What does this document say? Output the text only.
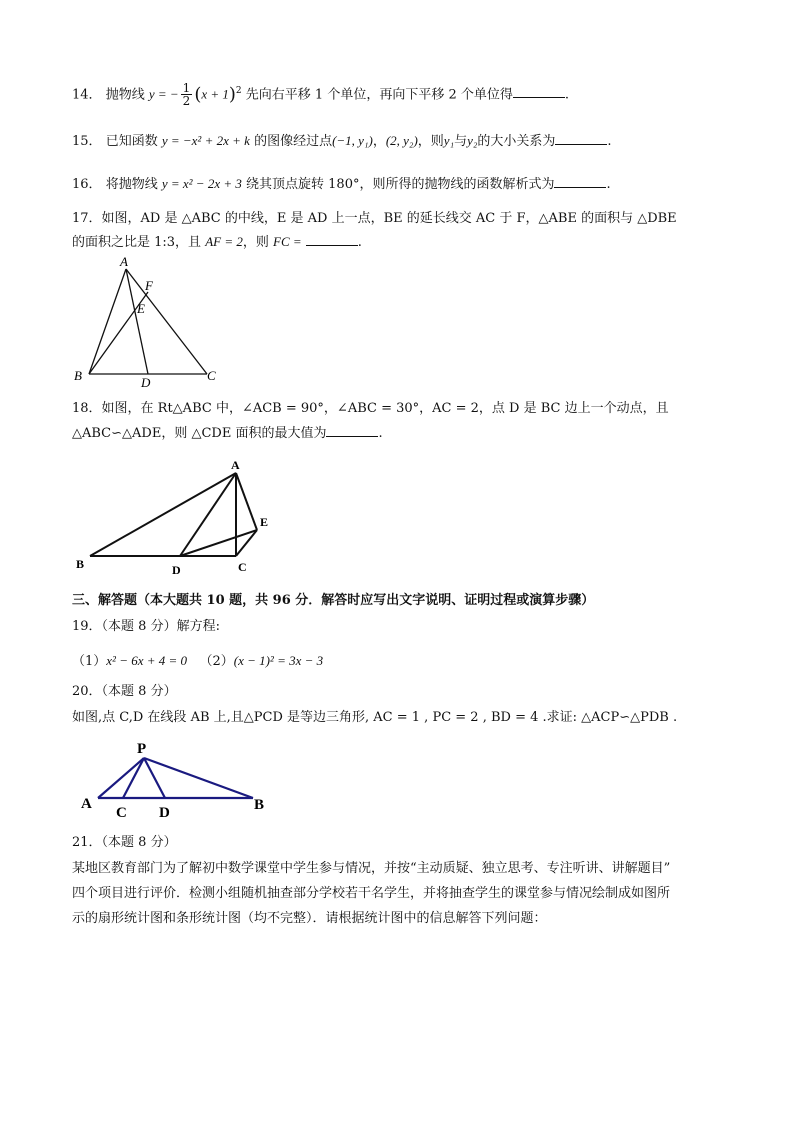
14． 抛物线 y = − $\frac{1}{2} (x + 1)^2$ 先向右平移 1 个单位，再向下平移 2 个单位得	.
15． 已知函数 y = −x² + 2x + k 的图像经过点(−1, y₁)，(2, y₂)，则y₁与y₂的大小关系为	.
16． 将抛物线 y = x² − 2x + 3 绕其顶点旋转 180°，则所得的抛物线的函数解析式为	.
17．如图，AD 是 △ABC 的中线，E 是 AD 上一点，BE 的延长线交 AC 于 F，△ABE 的面积与 △DBE
的面积之比是 1:3，且 AF = 2，则 FC =	.
A
F
E
B	D	C
18．如图，在 Rt△ABC 中，∠ACB = 90°，∠ABC = 30°，AC = 2，点 D 是 BC 边上一个动点，且
△ABC∽△ADE，则 △CDE 面积的最大值为	.
A
E
B	D	C
三、解答题（本大题共 10 题，共 96 分．解答时应写出文字说明、证明过程或演算步骤）
19．（本题 8 分）解方程:
（1）x² − 6x + 4 = 0 （2）(x − 1)² = 3x − 3
20．（本题 8 分）
如图,点 C,D 在线段 AB 上,且△PCD 是等边三角形, AC = 1 , PC = 2 , BD = 4 .求证: △ACP∽△PDB .
P
A
C D	B
21．（本题 8 分）
某地区教育部门为了解初中数学课堂中学生参与情况，并按“主动质疑、独立思考、专注听讲、讲解题目”
四个项目进行评价．检测小组随机抽查部分学校若干名学生，并将抽查学生的课堂参与情况绘制成如图所
示的扇形统计图和条形统计图（均不完整）．请根据统计图中的信息解答下列问题：
